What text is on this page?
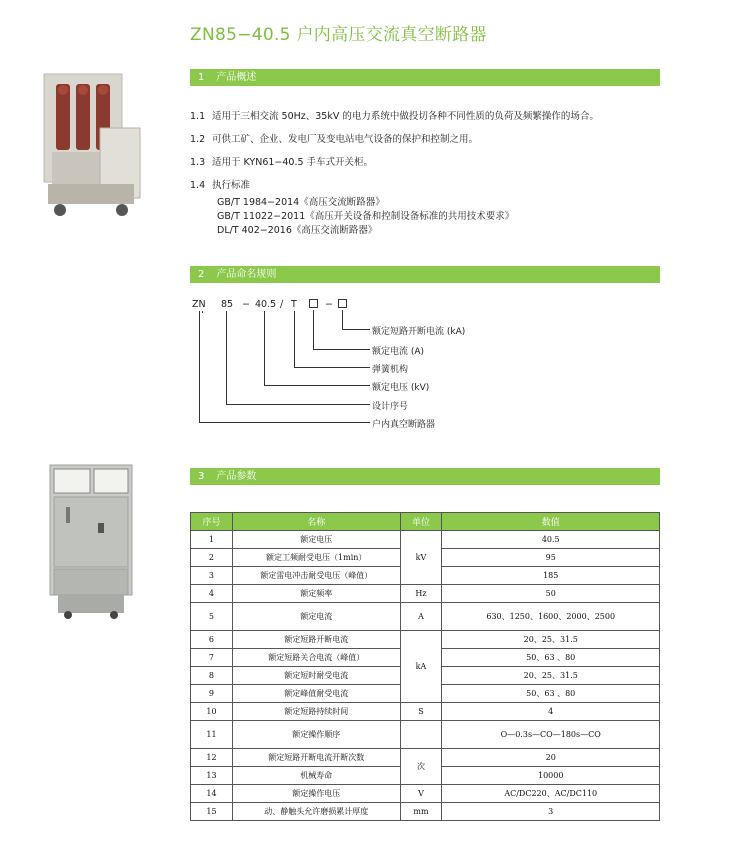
ZN85−40.5 户内高压交流真空断路器
1 产品概述
1.1 适用于三相交流 50Hz、35kV 的电力系统中做投切各种不同性质的负荷及频繁操作的场合。
1.2 可供工矿、企业、发电厂及变电站电气设备的保护和控制之用。
1.3 适用于 KYN61−40.5 手车式开关柜。
1.4 执行标准
GB/T 1984−2014《高压交流断路器》
GB/T 11022−2011《高压开关设备和控制设备标准的共用技术要求》
DL/T 402−2016《高压交流断路器》
2 产品命名规则
ZN 85 − 40.5 / T	−
额定短路开断电流 (kA)
额定电流 (A)
弹簧机构
额定电压 (kV)
设计序号
户内真空断路器
3 产品参数
序号	名称	单位	数值
1	额定电压	kV	40.5
2	额定工频耐受电压（1min）		95
3	额定雷电冲击耐受电压（峰值）		185
4	额定频率	Hz	50
5	额定电流	A	630、1250、1600、2000、2500
6	额定短路开断电流	kA	20、25、31.5
7	额定短路关合电流（峰值）		50、63 、80
8	额定短时耐受电流		20、25、31.5
9	额定峰值耐受电流		50、63 、80
10	额定短路持续时间	S	4
11	额定操作顺序		O—0.3s—CO—180s—CO
12	额定短路开断电流开断次数	次	20
13	机械寿命		10000
14	额定操作电压	V	AC/DC220、AC/DC110
15	动、静触头允许磨损累计厚度	mm	3
